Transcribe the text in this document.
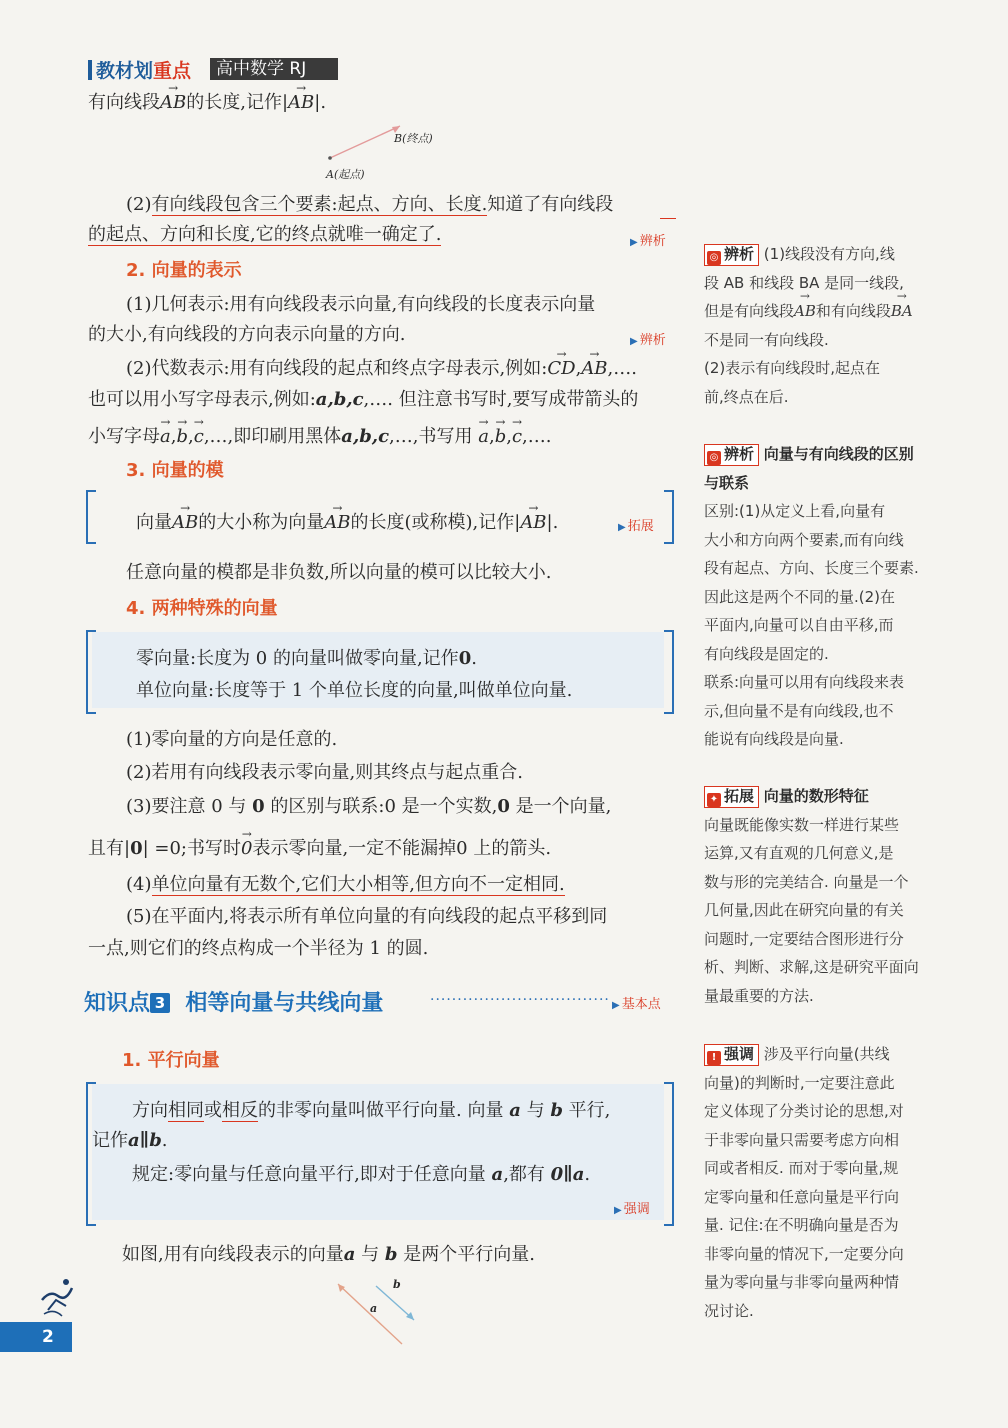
教材划重点	高中数学 RJ
有向线段→ AB的长度,记作|→ AB|.
B(终点)
A(起点)
(2)有向线段包含三个要素:起点、方向、长度.知道了有向线段
的起点、方向和长度,它的终点就唯一确定了.	▶ 辨析
2. 向量的表示
(1)几何表示:用有向线段表示向量,有向线段的长度表示向量
的大小,有向线段的方向表示向量的方向.	▶ 辨析
(2)代数表示:用有向线段的起点和终点字母表示,例如:→ CD,→ AB,….
也可以用小写字母表示,例如:a,b,c,…. 但注意书写时,要写成带箭头的
小写字母→ a,→ b,→ c,…,即印刷用黑体a,b,c,…,书写用 → a,→ b,→ c,….
3. 向量的模
向量→ AB的大小称为向量→ AB的长度(或称模),记作|→ AB|.	▶ 拓展
任意向量的模都是非负数,所以向量的模可以比较大小.
4. 两种特殊的向量
零向量:长度为 0 的向量叫做零向量,记作0.
单位向量:长度等于 1 个单位长度的向量,叫做单位向量.
(1)零向量的方向是任意的.
(2)若用有向线段表示零向量,则其终点与起点重合.
(3)要注意 0 与 0 的区别与联系:0 是一个实数,0 是一个向量,
且有|0| =0;书写时→ 0表示零向量,一定不能漏掉0 上的箭头.
(4)单位向量有无数个,它们大小相等,但方向不一定相同.
(5)在平面内,将表示所有单位向量的有向线段的起点平移到同
一点,则它们的终点构成一个半径为 1 的圆.
知识点 3 相等向量与共线向量	································· ▶ 基本点
1. 平行向量
方向相同或相反的非零向量叫做平行向量. 向量 a 与 b 平行,
记作a∥b.
规定:零向量与任意向量平行,即对于任意向量 a,都有 0∥a.
▶ 强调
如图,用有向线段表示的向量a 与 b 是两个平行向量.
b
a
2
◎ 辨析 (1)线段没有方向,线
段 AB 和线段 BA 是同一线段,
但是有向线段→ AB和有向线段→ BA
不是同一有向线段.
(2)表示有向线段时,起点在
前,终点在后.
◎ 辨析 向量与有向线段的区别
与联系
区别:(1)从定义上看,向量有
大小和方向两个要素,而有向线
段有起点、方向、长度三个要素.
因此这是两个不同的量.(2)在
平面内,向量可以自由平移,而
有向线段是固定的.
联系:向量可以用有向线段来表
示,但向量不是有向线段,也不
能说有向线段是向量.
✦ 拓展 向量的数形特征
向量既能像实数一样进行某些
运算,又有直观的几何意义,是
数与形的完美结合. 向量是一个
几何量,因此在研究向量的有关
问题时,一定要结合图形进行分
析、判断、求解,这是研究平面向
量最重要的方法.
! 强调 涉及平行向量(共线
向量)的判断时,一定要注意此
定义体现了分类讨论的思想,对
于非零向量只需要考虑方向相
同或者相反. 而对于零向量,规
定零向量和任意向量是平行向
量. 记住:在不明确向量是否为
非零向量的情况下,一定要分向
量为零向量与非零向量两种情
况讨论.
